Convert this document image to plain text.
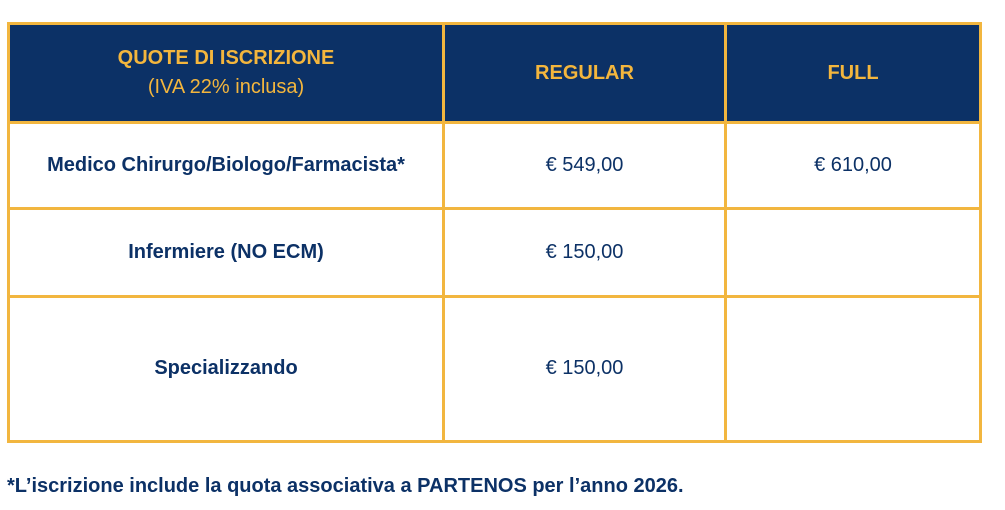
QUOTE DI ISCRIZIONE
(IVA 22% inclusa)	REGULAR	FULL
Medico Chirurgo/Biologo/Farmacista*	€ 549,00	€ 610,00
Infermiere (NO ECM)	€ 150,00	
Specializzando	€ 150,00	

*L’iscrizione include la quota associativa a PARTENOS per l’anno 2026.
